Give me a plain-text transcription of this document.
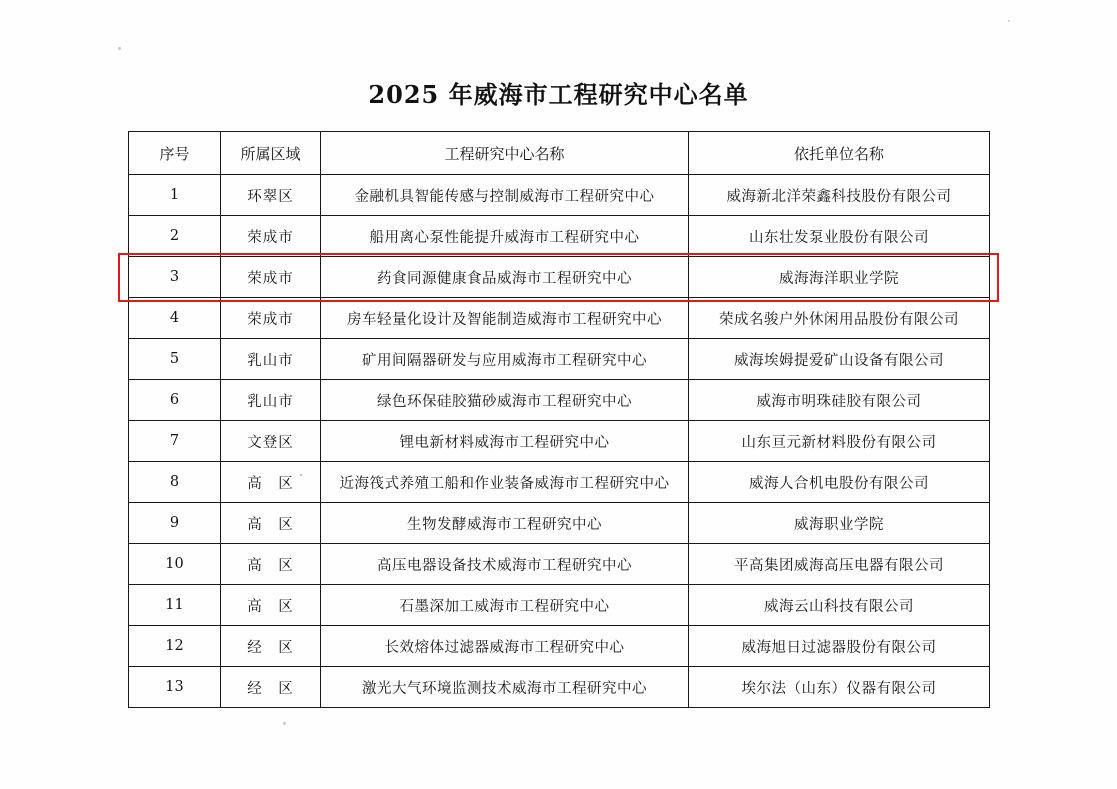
2025 年威海市工程研究中心名单
序号	所属区域	工程研究中心名称	依托单位名称
1	环翠区	金融机具智能传感与控制威海市工程研究中心	威海新北洋荣鑫科技股份有限公司
2	荣成市	船用离心泵性能提升威海市工程研究中心	山东壮发泵业股份有限公司
3	荣成市	药食同源健康食品威海市工程研究中心	威海海洋职业学院
4	荣成市	房车轻量化设计及智能制造威海市工程研究中心	荣成名骏户外休闲用品股份有限公司
5	乳山市	矿用间隔器研发与应用威海市工程研究中心	威海埃姆提爱矿山设备有限公司
6	乳山市	绿色环保硅胶猫砂威海市工程研究中心	威海市明珠硅胶有限公司
7	文登区	锂电新材料威海市工程研究中心	山东亘元新材料股份有限公司
8	高　区	近海筏式养殖工船和作业装备威海市工程研究中心	威海人合机电股份有限公司
9	高　区	生物发酵威海市工程研究中心	威海职业学院
10	高　区	高压电器设备技术威海市工程研究中心	平高集团威海高压电器有限公司
11	高　区	石墨深加工威海市工程研究中心	威海云山科技有限公司
12	经　区	长效熔体过滤器威海市工程研究中心	威海旭日过滤器股份有限公司
13	经　区	激光大气环境监测技术威海市工程研究中心	埃尔法（山东）仪器有限公司
